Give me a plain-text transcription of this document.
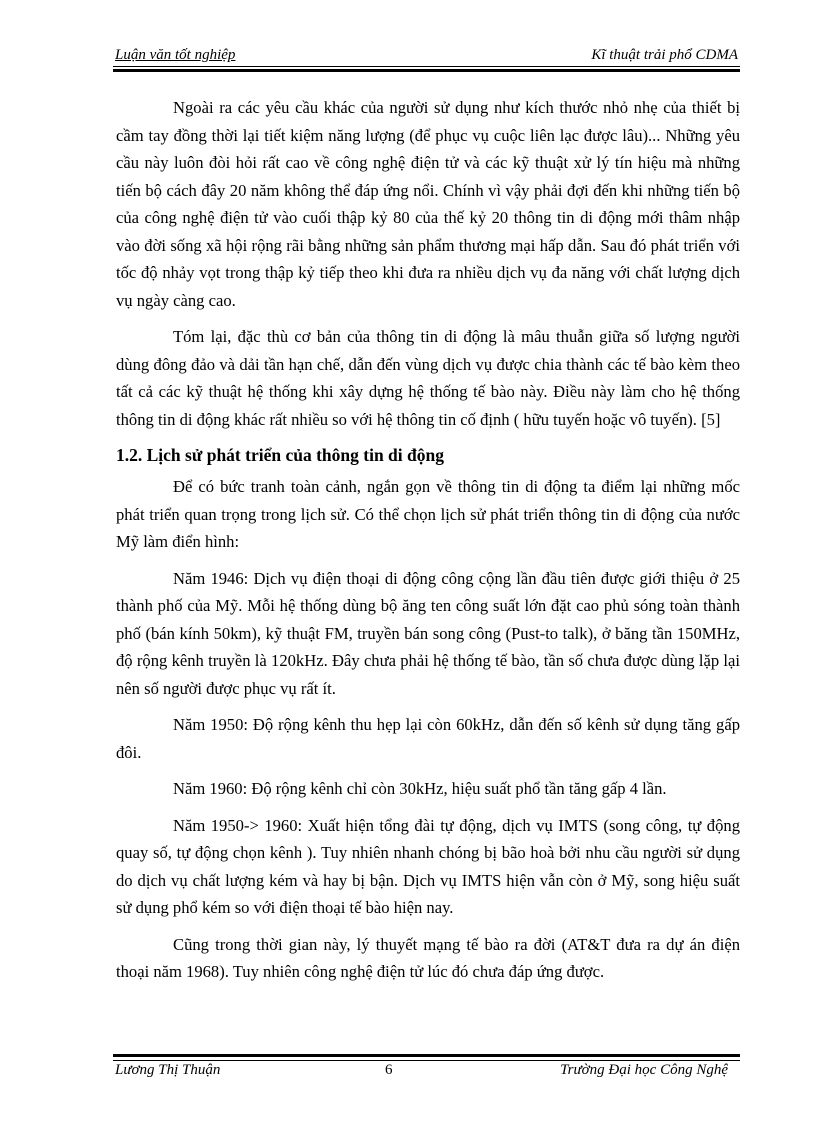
Luận văn tốt nghiệp	Kĩ thuật trải phổ CDMA

Ngoài ra các yêu cầu khác của người sử dụng như kích thước nhỏ nhẹ của thiết bị cầm tay đồng thời lại tiết kiệm năng lượng (để phục vụ cuộc liên lạc được lâu)... Những yêu cầu này luôn đòi hỏi rất cao về công nghệ điện tử và các kỹ thuật xử lý tín hiệu mà những tiến bộ cách đây 20 năm không thể đáp ứng nổi. Chính vì vậy phải đợi đến khi những tiến bộ của công nghệ điện tử vào cuối thập kỷ 80 của thế kỷ 20 thông tin di động mới thâm nhập vào đời sống xã hội rộng rãi bằng những sản phẩm thương mại hấp dẫn. Sau đó phát triển với tốc độ nhảy vọt trong thập kỷ tiếp theo khi đưa ra nhiều dịch vụ đa năng với chất lượng dịch vụ ngày càng cao.

Tóm lại, đặc thù cơ bản của thông tin di động là mâu thuẫn giữa số lượng người dùng đông đảo và dải tần hạn chế, dẫn đến vùng dịch vụ được chia thành các tế bào kèm theo tất cả các kỹ thuật hệ thống khi xây dựng hệ thống tế bào này. Điều này làm cho hệ thống thông tin di động khác rất nhiều so với hệ thông tin cố định ( hữu tuyến hoặc vô tuyến). [5]

1.2. Lịch sử phát triển của thông tin di động

Để có bức tranh toàn cảnh, ngắn gọn về thông tin di động ta điểm lại những mốc phát triển quan trọng trong lịch sử. Có thể chọn lịch sử phát triển thông tin di động của nước Mỹ làm điển hình:

Năm 1946: Dịch vụ điện thoại di động công cộng lần đầu tiên được giới thiệu ở 25 thành phố của Mỹ. Mỗi hệ thống dùng bộ ăng ten công suất lớn đặt cao phủ sóng toàn thành phố (bán kính 50km), kỹ thuật FM, truyền bán song công (Pust-to talk), ở băng tần 150MHz, độ rộng kênh truyền là 120kHz. Đây chưa phải hệ thống tế bào, tần số chưa được dùng lặp lại nên số người được phục vụ rất ít.

Năm 1950: Độ rộng kênh thu hẹp lại còn 60kHz, dẫn đến số kênh sử dụng tăng gấp đôi.

Năm 1960: Độ rộng kênh chỉ còn 30kHz, hiệu suất phổ tần tăng gấp 4 lần.

Năm 1950-> 1960: Xuất hiện tổng đài tự động, dịch vụ IMTS (song công, tự động quay số, tự động chọn kênh ). Tuy nhiên nhanh chóng bị bão hoà bởi nhu cầu người sử dụng do dịch vụ chất lượng kém và hay bị bận. Dịch vụ IMTS hiện vẫn còn ở Mỹ, song hiệu suất sử dụng phổ kém so với điện thoại tế bào hiện nay.

Cũng trong thời gian này, lý thuyết mạng tế bào ra đời (AT&T đưa ra dự án điện thoại năm 1968). Tuy nhiên công nghệ điện tử lúc đó chưa đáp ứng được.

Lương Thị Thuận	6	Trường Đại học Công Nghệ
